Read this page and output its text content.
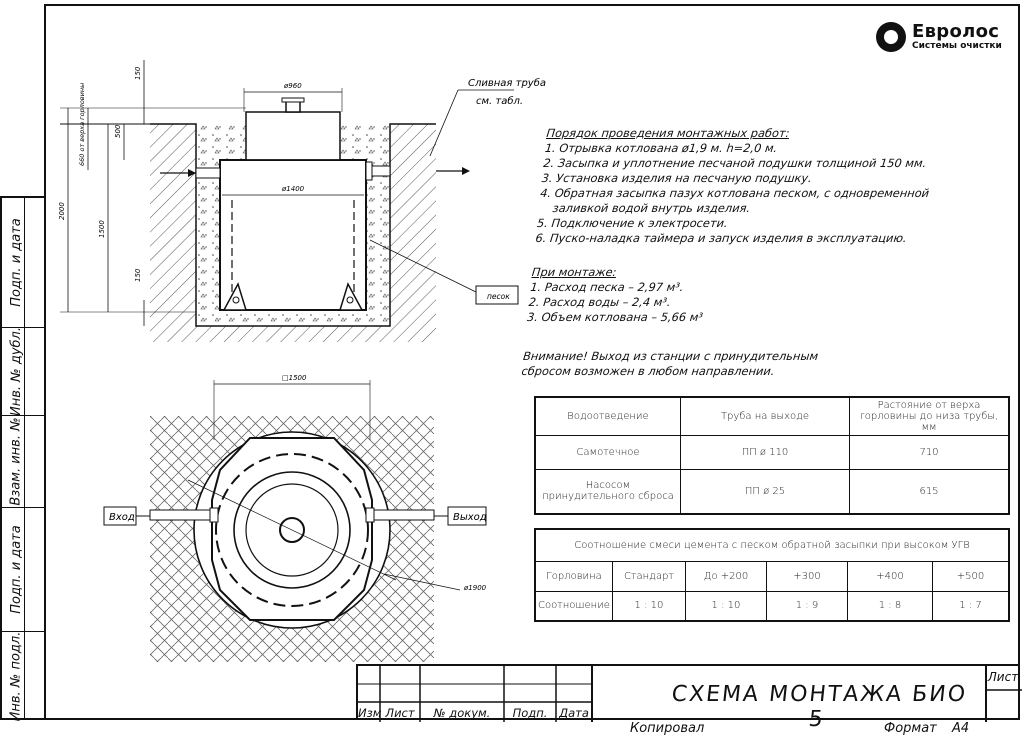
Подп. и дата
Инв. № дубл.
Взам. инв. №
Подп. и дата
Инв. № подл.
Евролос
Системы очистки
ø960
ø1400
150
500
660 от верха горловины
2000
1500
150
Сливная труба
см. табл.
песок
□1500
ø1900
Вход	Выход
Порядок проведения монтажных работ:
1. Отрывка котлована ø1,9 м. h=2,0 м.
2. Засыпка и уплотнение песчаной подушки толщиной 150 мм.
3. Установка изделия на песчаную подушку.
4. Обратная засыпка пазух котлована песком, с одновременной
заливкой водой внутрь изделия.
5. Подключение к электросети.
6. Пуско-наладка таймера и запуск изделия в эксплуатацию.
При монтаже:
1. Расход песка – 2,97 м³.
2. Расход воды – 2,4 м³.
3. Объем котлована – 5,66 м³
Внимание! Выход из станции с принудительным
сбросом возможен в любом направлении.
Водоотведение	Труба на выходе	Растояние от верха горловины до низа трубы, мм
Самотечное	ПП ø 110	710
Насосом принудительного сброса	ПП ø 25	615
Соотношение смеси цемента с песком обратной засыпки при высоком УГВ					
Горловина	Стандарт	До +200	+300	+400	+500
Соотношение	1 : 10	1 : 10	1 : 9	1 : 8	1 : 7
Изм Лист	№ докум.	Подп.	Дата
СХЕМА МОНТАЖА БИО 5
Лист
Копировал	Формат А4
